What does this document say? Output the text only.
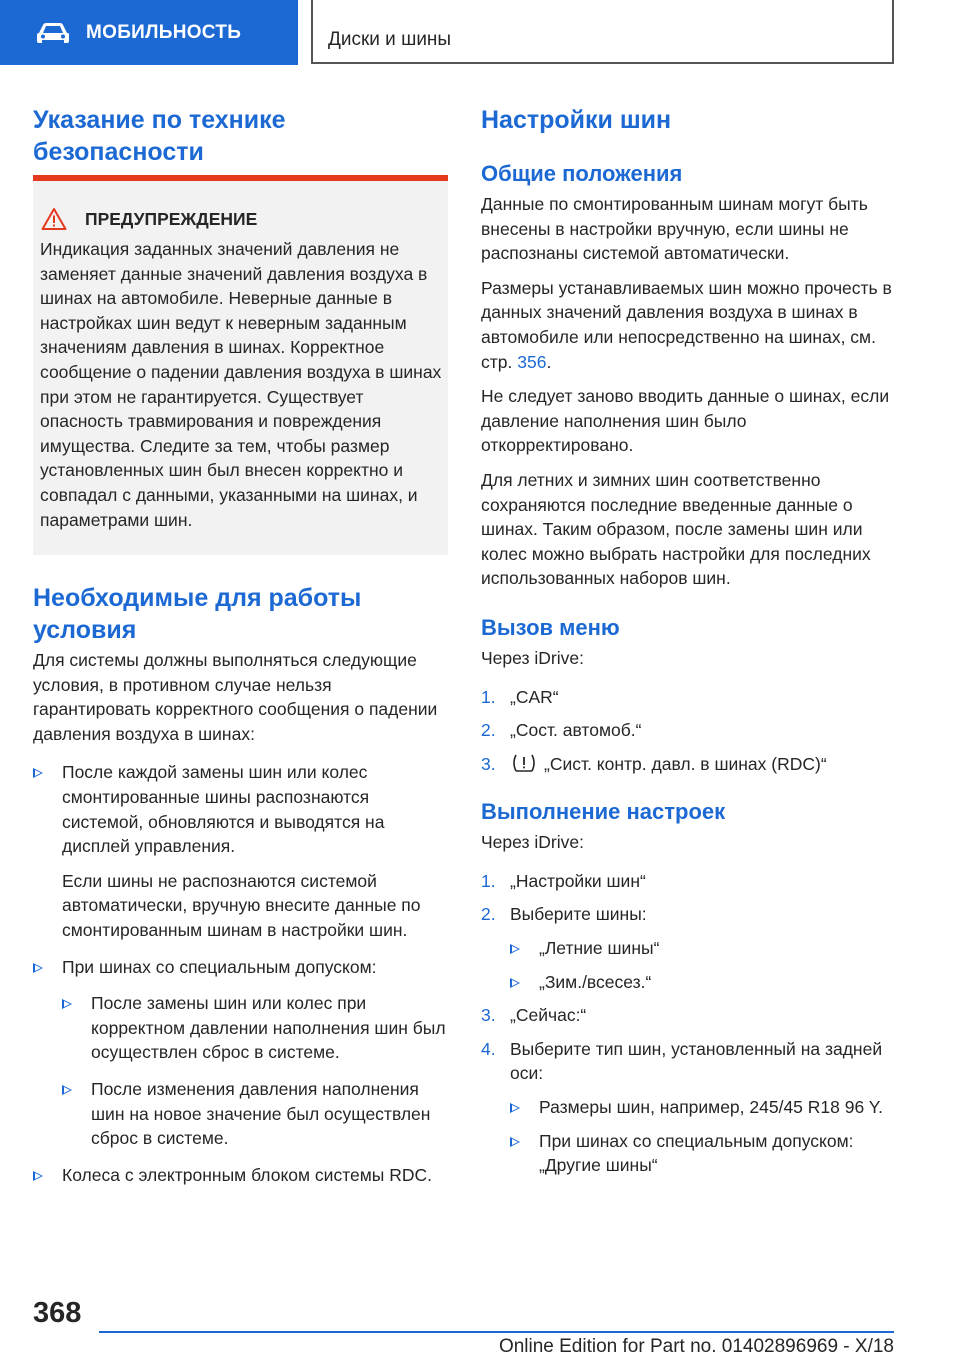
МОБИЛЬНОСТЬ	Диски и шины
Указание по технике безопасности
ПРЕДУПРЕЖДЕНИЕ

Индикация заданных значений давления не заменяет данные значений давления воздуха в шинах на автомобиле. Неверные данные в настройках шин ведут к неверным заданным значениям давления в шинах. Корректное сообщение о падении давления воздуха в шинах при этом не гарантируется. Существует опасность травмирования и повреждения имущества. Следите за тем, чтобы размер установленных шин был внесен корректно и совпадал с данными, указанными на шинах, и параметрами шин.

Необходимые для работы условия

Для системы должны выполняться следующие условия, в противном случае нельзя гарантировать корректного сообщения о падении давления воздуха в шинах:

После каждой замены шин или колес смонтированные шины распознаются системой, обновляются и выводятся на дисплей управления.

Если шины не распознаются системой автоматически, вручную внесите данные по смонтированным шинам в настройки шин.

При шинах со специальным допуском:
После замены шин или колес при корректном давлении наполнения шин был осуществлен сброс в системе.
После изменения давления наполнения шин на новое значение был осуществлен сброс в системе.
Колеса с электронным блоком системы RDC.
Настройки шин
Общие положения

Данные по смонтированным шинам могут быть внесены в настройки вручную, если шины не распознаны системой автоматически.

Размеры устанавливаемых шин можно прочесть в данных значений давления воздуха в шинах в автомобиле или непосредственно на шинах, см. стр. 356.

Не следует заново вводить данные о шинах, если давление наполнения шин было откорректировано.

Для летних и зимних шин соответственно сохраняются последние введенные данные о шинах. Таким образом, после замены шин или колес можно выбрать настройки для последних использованных наборов шин.

Вызов меню

Через iDrive:

1. „CAR“
2. „Сост. автомоб.“
3.	„Сист. контр. давл. в шинах (RDC)“
Выполнение настроек

Через iDrive:

1. „Настройки шин“
2. Выберите шины:
„Летние шины“
„Зим./всесез.“
3. „Сейчас:“
4. Выберите тип шин, установленный на задней оси:
Размеры шин, например, 245/45 R18 96 Y.
При шинах со специальным допуском: „Другие шины“
368
Online Edition for Part no. 01402896969 - X/18
